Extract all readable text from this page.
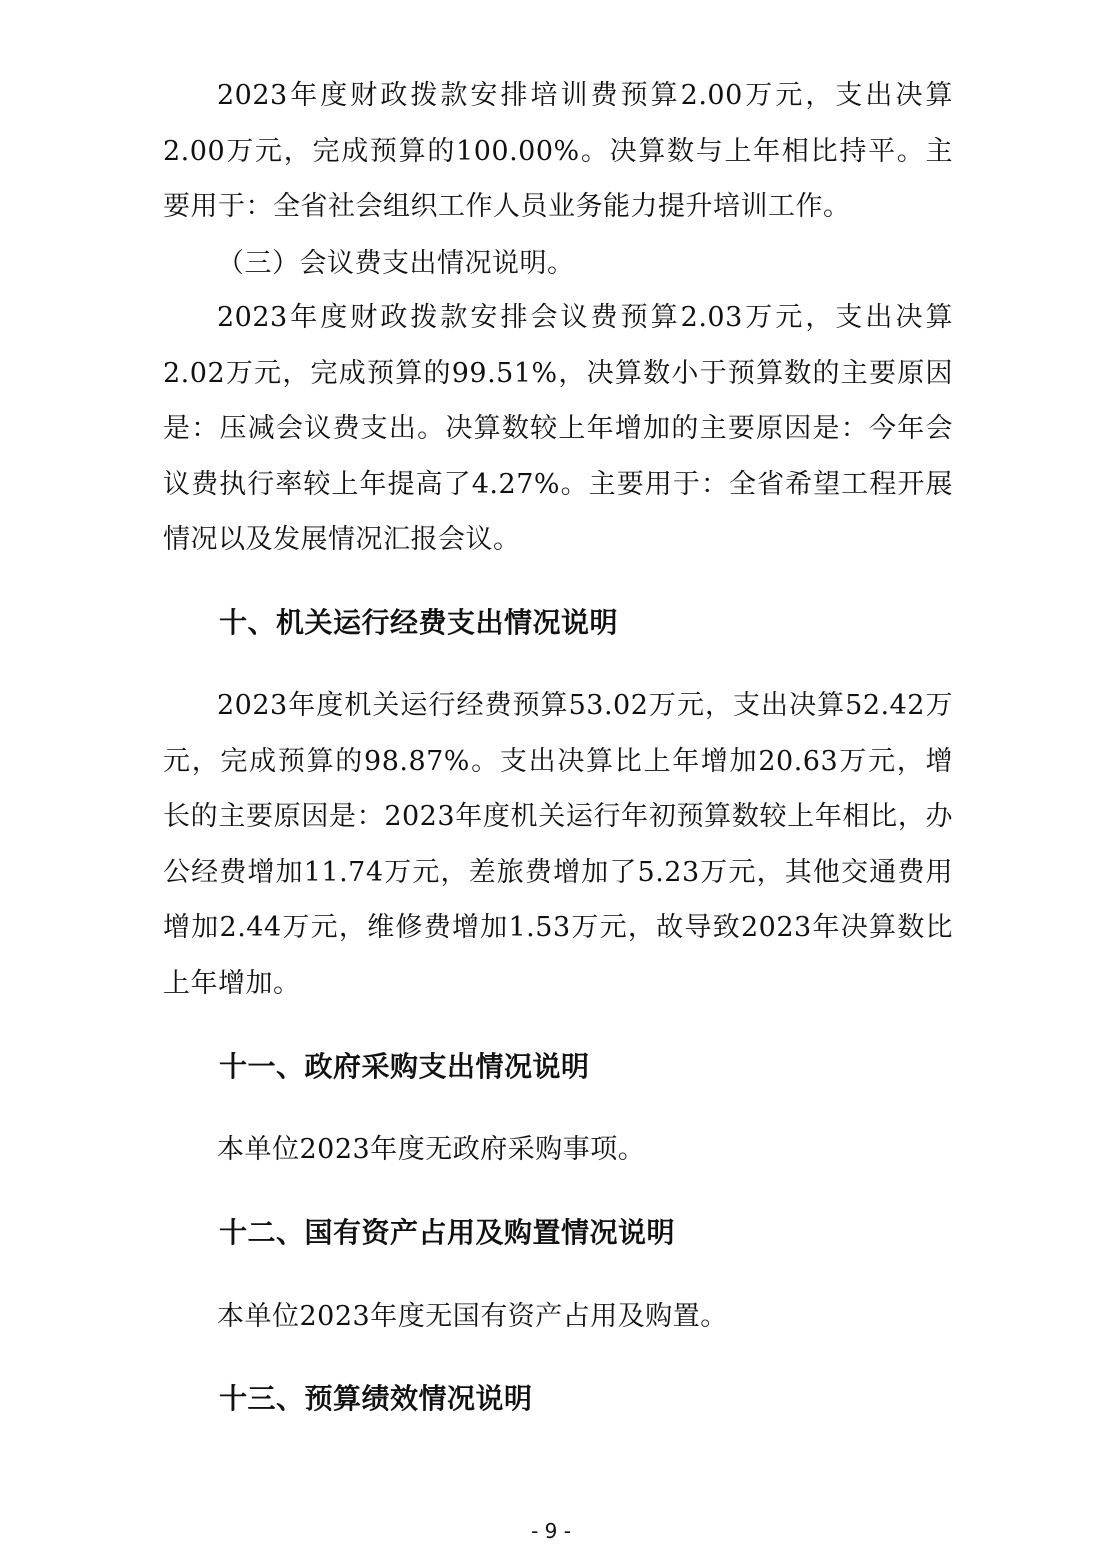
2023年度财政拨款安排培训费预算2.00万元，支出决算2.00万元，完成预算的100.00%。决算数与上年相比持平。主要用于：全省社会组织工作人员业务能力提升培训工作。

（三）会议费支出情况说明。

2023年度财政拨款安排会议费预算2.03万元，支出决算2.02万元，完成预算的99.51%，决算数小于预算数的主要原因是：压减会议费支出。决算数较上年增加的主要原因是：今年会议费执行率较上年提高了4.27%。主要用于：全省希望工程开展情况以及发展情况汇报会议。

十、机关运行经费支出情况说明

2023年度机关运行经费预算53.02万元，支出决算52.42万元，完成预算的98.87%。支出决算比上年增加20.63万元，增长的主要原因是：2023年度机关运行年初预算数较上年相比，办公经费增加11.74万元，差旅费增加了5.23万元，其他交通费用增加2.44万元，维修费增加1.53万元，故导致2023年决算数比上年增加。

十一、政府采购支出情况说明

本单位2023年度无政府采购事项。

十二、国有资产占用及购置情况说明

本单位2023年度无国有资产占用及购置。

十三、预算绩效情况说明
- 9 -
